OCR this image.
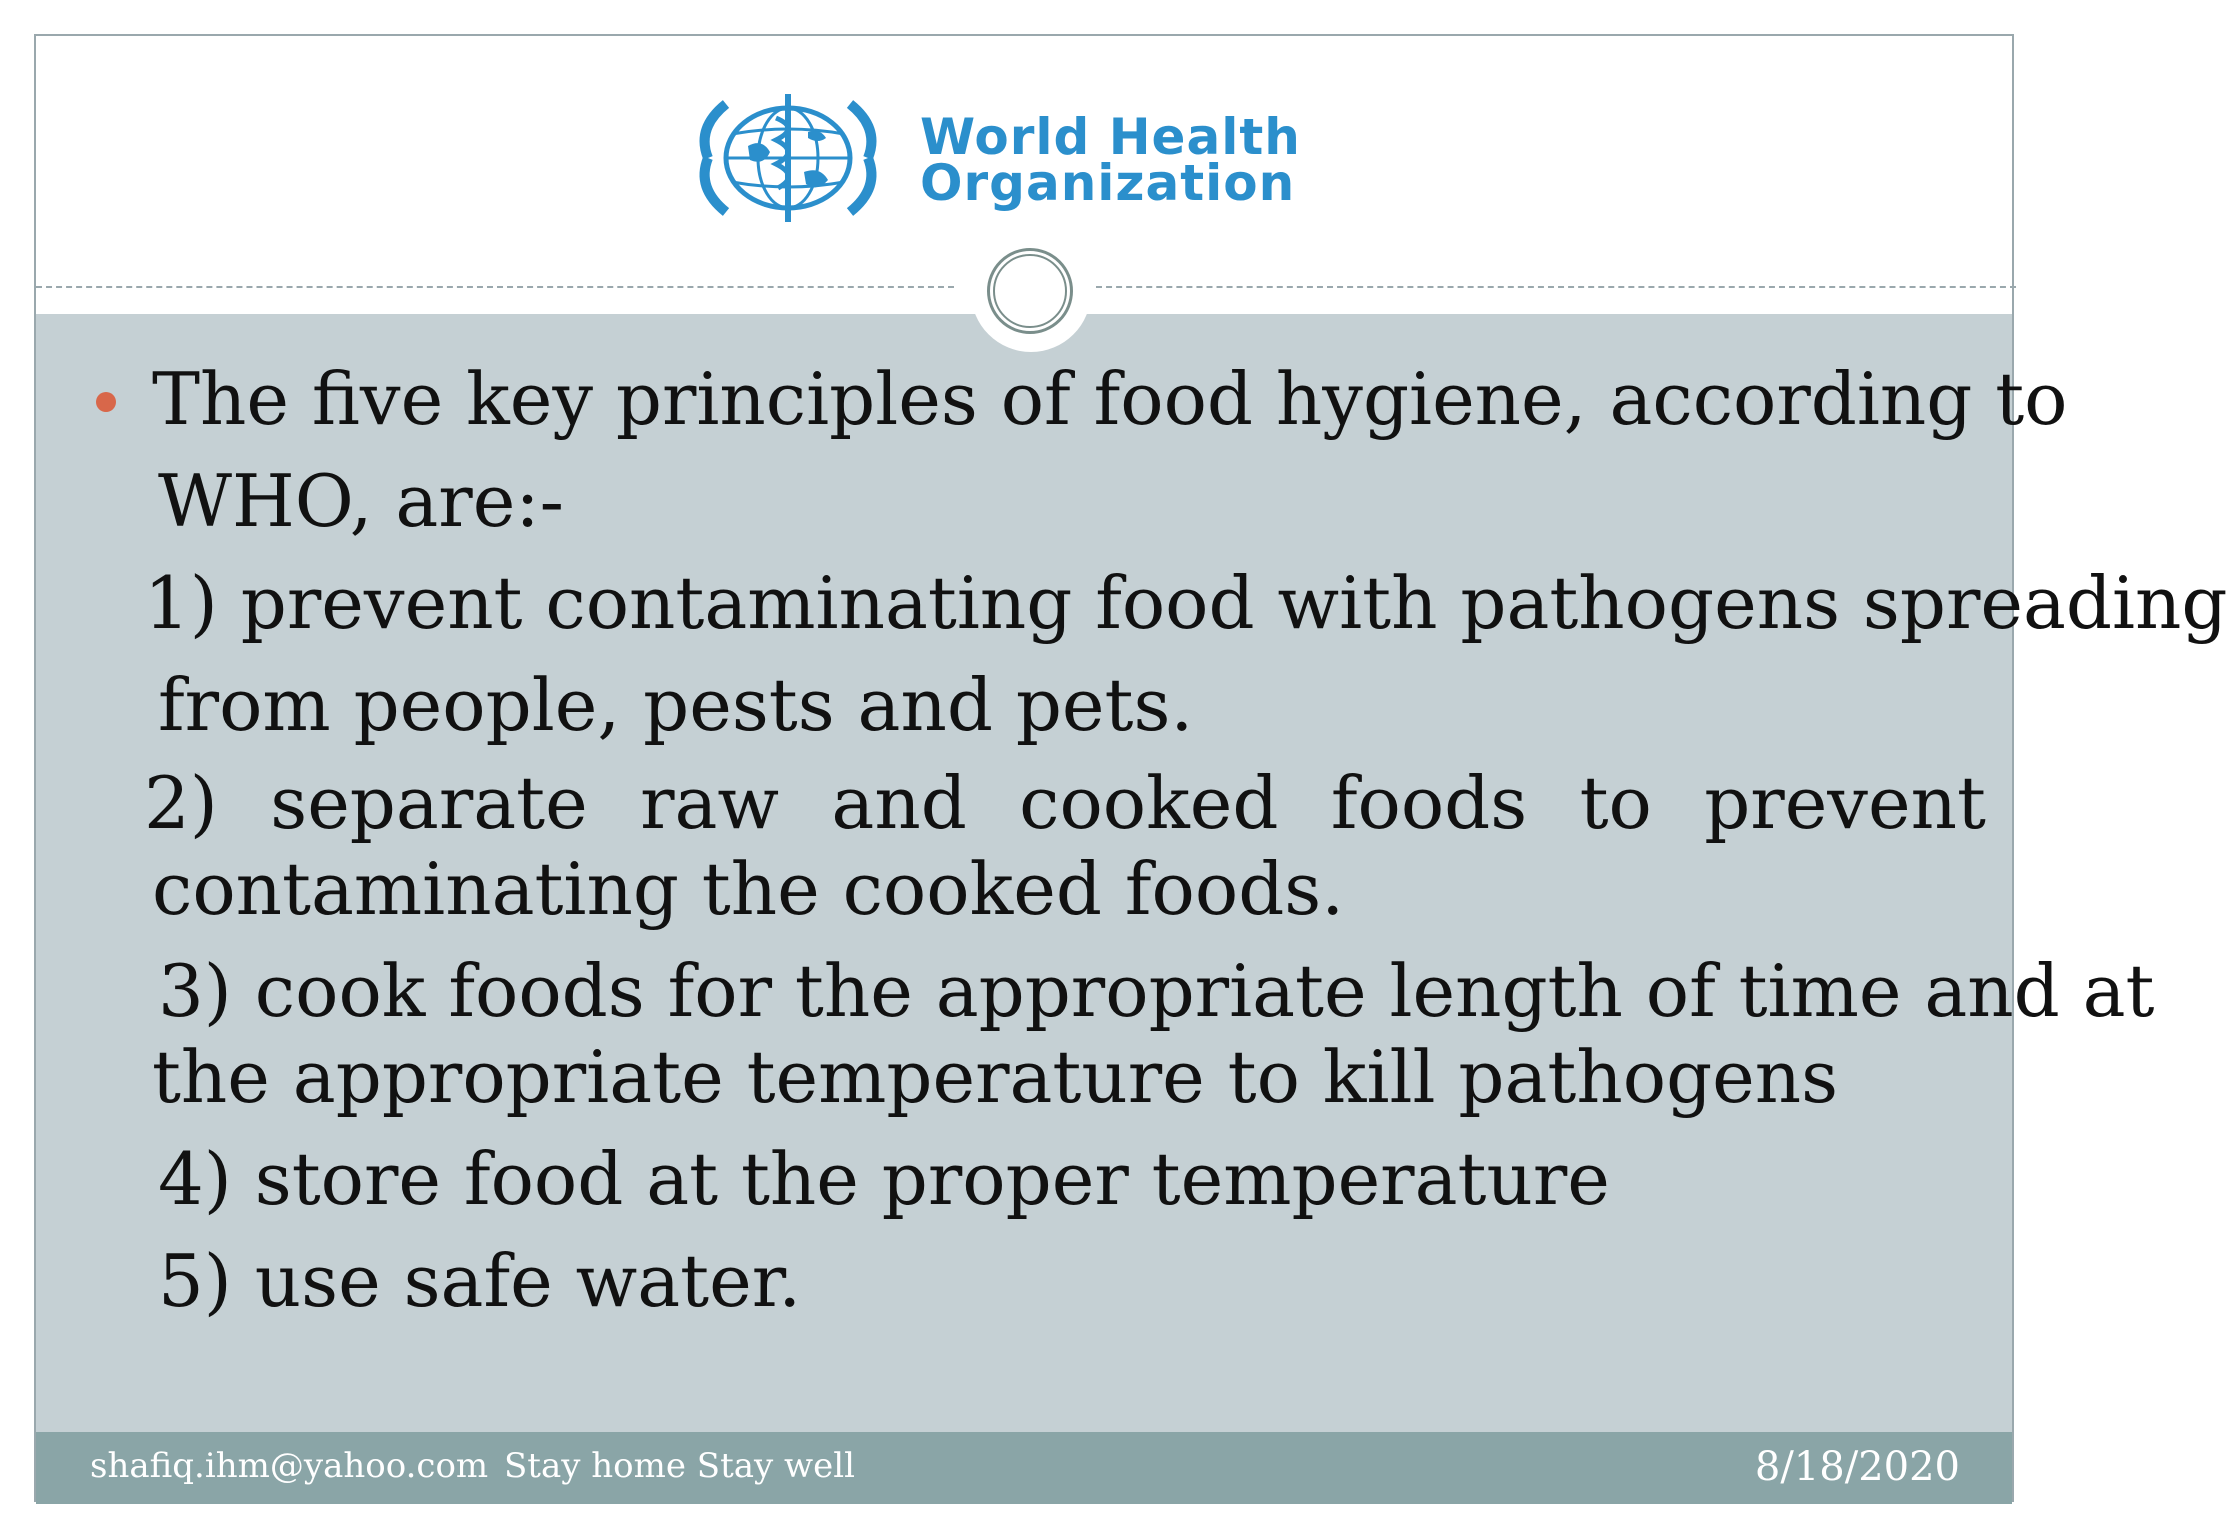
World Health
Organization
The five key principles of food hygiene, according to
WHO, are:-
1) prevent contaminating food with pathogens spreading
from people, pests and pets.
2) separate raw and cooked foods to prevent
contaminating the cooked foods.
3) cook foods for the appropriate length of time and at
the appropriate temperature to kill pathogens
4) store food at the proper temperature
5) use safe water.
shafiq.ihm@yahoo.com Stay home Stay well	8/18/2020
